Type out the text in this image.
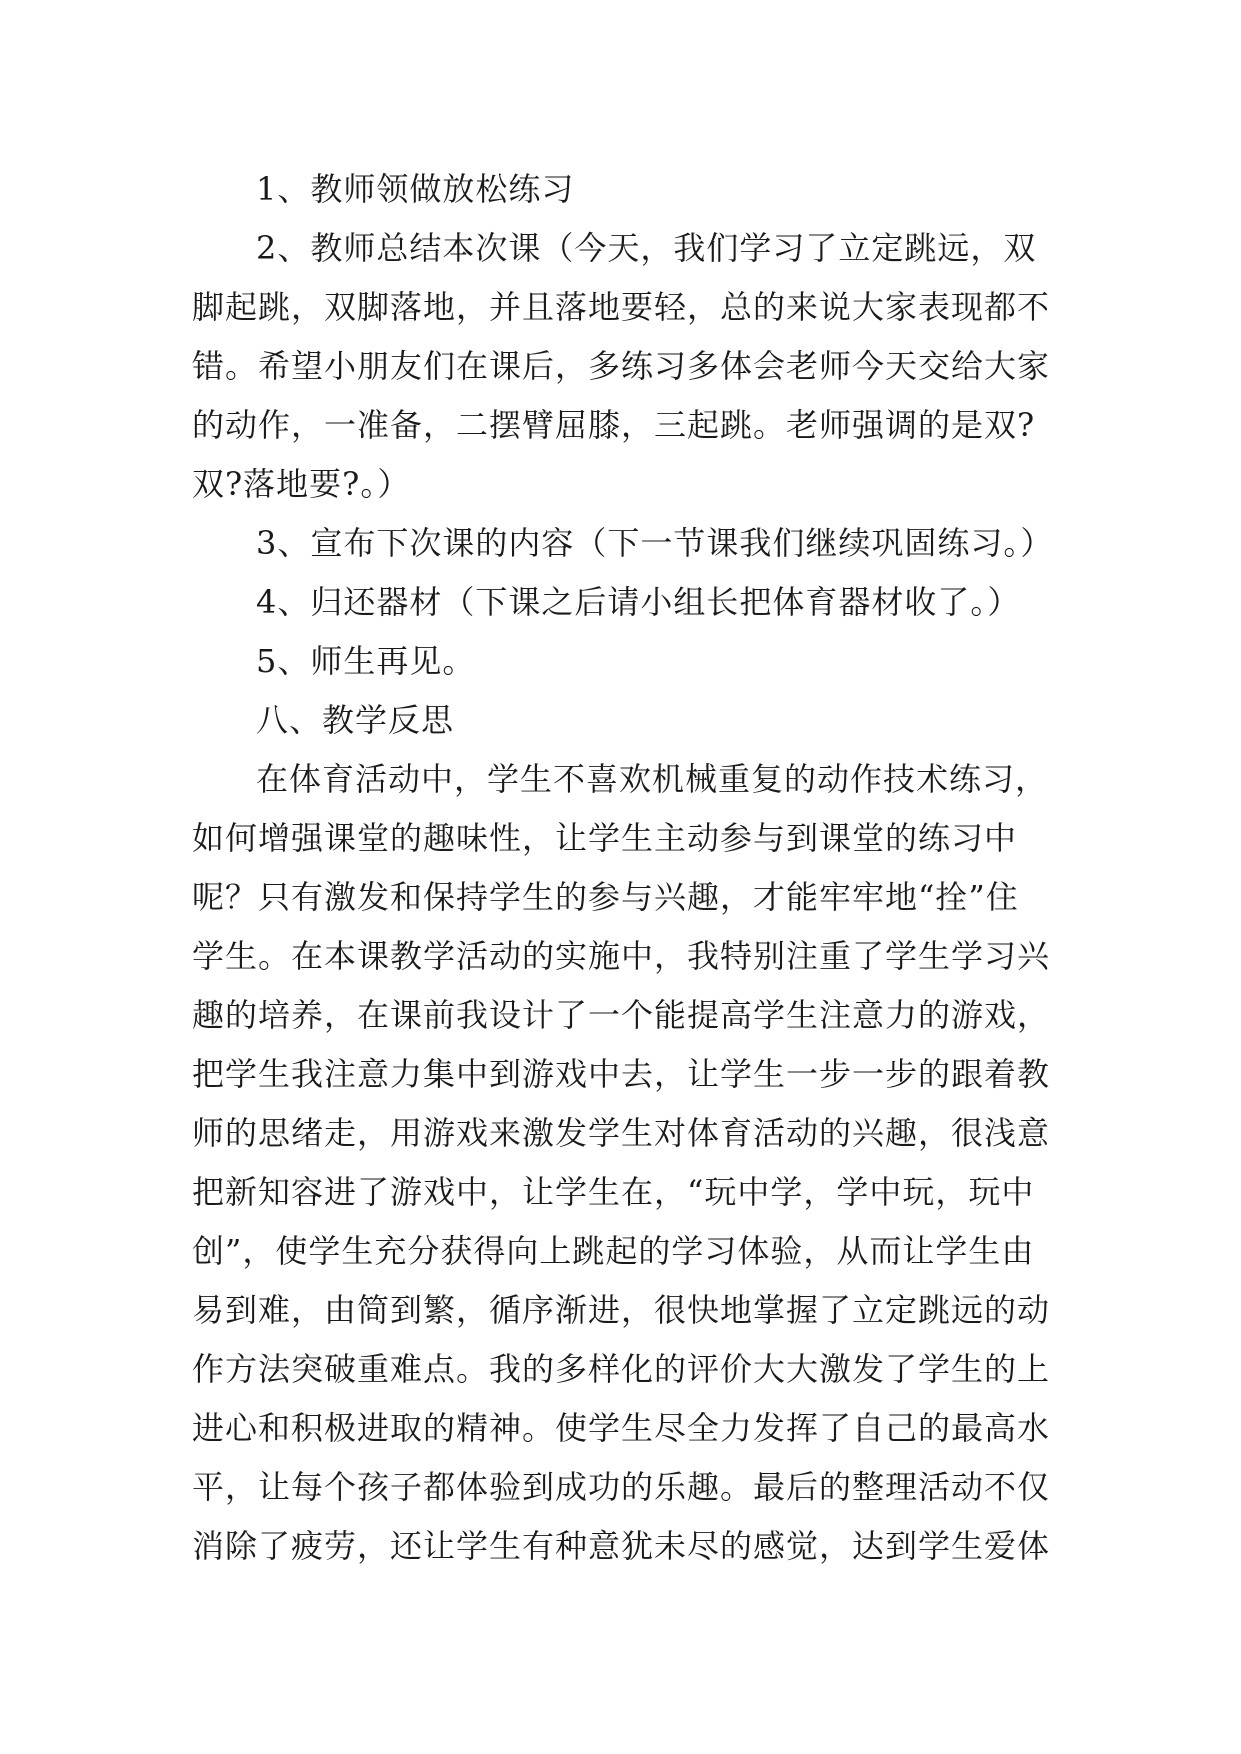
1、教师领做放松练习
2、教师总结本次课（今天，我们学习了立定跳远，双
脚起跳，双脚落地，并且落地要轻，总的来说大家表现都不
错。希望小朋友们在课后，多练习多体会老师今天交给大家
的动作，一准备，二摆臂屈膝，三起跳。老师强调的是双?
双?落地要?。）
3、宣布下次课的内容（下一节课我们继续巩固练习。）
4、归还器材（下课之后请小组长把体育器材收了。）
5、师生再见。
八、教学反思
在体育活动中，学生不喜欢机械重复的动作技术练习，
如何增强课堂的趣味性，让学生主动参与到课堂的练习中
呢？只有激发和保持学生的参与兴趣，才能牢牢地“拴”住
学生。在本课教学活动的实施中，我特别注重了学生学习兴
趣的培养，在课前我设计了一个能提高学生注意力的游戏，
把学生我注意力集中到游戏中去，让学生一步一步的跟着教
师的思绪走，用游戏来激发学生对体育活动的兴趣，很浅意
把新知容进了游戏中，让学生在，“玩中学，学中玩，玩中
创”，使学生充分获得向上跳起的学习体验，从而让学生由
易到难，由简到繁，循序渐进，很快地掌握了立定跳远的动
作方法突破重难点。我的多样化的评价大大激发了学生的上
进心和积极进取的精神。使学生尽全力发挥了自己的最高水
平，让每个孩子都体验到成功的乐趣。最后的整理活动不仅
消除了疲劳，还让学生有种意犹未尽的感觉，达到学生爱体
